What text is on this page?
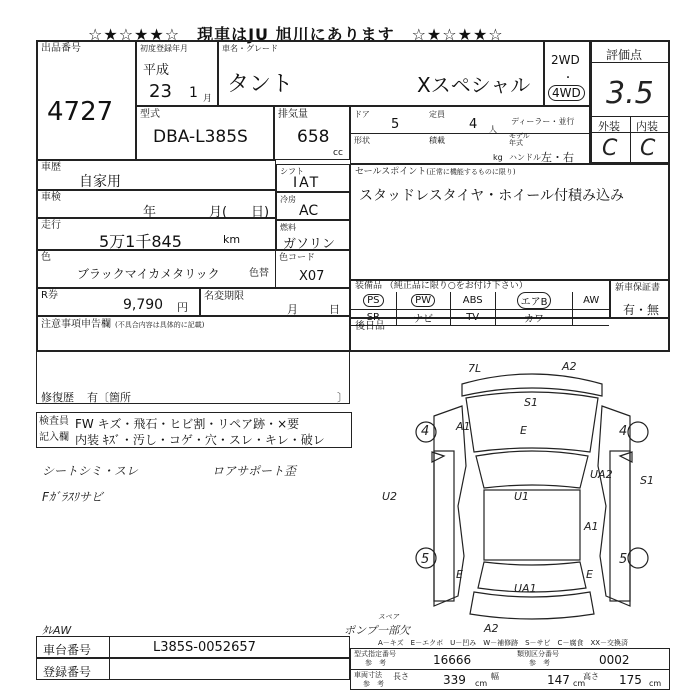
☆★☆★★☆　現車はJU 旭川にあります　☆★☆★★☆
出品番号
4727
初度登録年月
平成
23 1 月
車名・グレード
タント	Xスペシャル
2WD
・
4WD
評価点
3.5
外装 内装
C C
型式
DBA-L385S
排気量
658
cc
ドア
5
定員
4 人
ディーラー・並行
形状	積載
kg
モデル
年式
ハンドル 左・右
車歴
自家用
車検
年	月( 日)
走行
5万1千845	km
色
ブラックマイカメタリック	色替
色コード
X07
R券
9,790 円
名変期限
月	日
シフト
IAT
冷房
AC
燃料
ガソリン
セールスポイント(正常に機能するものに限り)
スタッドレスタイヤ・ホイール付積み込み
装備品 （純正品に限り○をお付け下さい）
PS	PW	ABS	エアB	AW
SR	ナビ	TV	カワ	
新車保証書
有・無
後日品
注意事項申告欄 (不具合内容は具体的に記載)
修復歴 有〔箇所	〕
検査員
記入欄
FW キズ・飛石・ヒビ割・リペア跡・×要
内装 ｷｽﾞ・汚し・コゲ・穴・スレ・キレ・破レ
シートシミ・スレ
Fｶﾞﾗｽﾘサビ
ロアサポート歪
ﾀﾚAW
7L	A2
S1
A1	E
4	4
UA2 S1
U2	U1
A1
5	5
E	E
UA1
A2
スペア
ポンプ一部欠
A－キズ　E－エクボ　U－凹み　W－補修跡　S－サビ　C－腐食　XX－交換済
車台番号	L385S-0052657
登録番号
型式指定番号
参　考	16666	類別区分番号
参　考	0002
車両寸法
参　考
長さ	339 cm
幅	147 cm
高さ 175 cm
